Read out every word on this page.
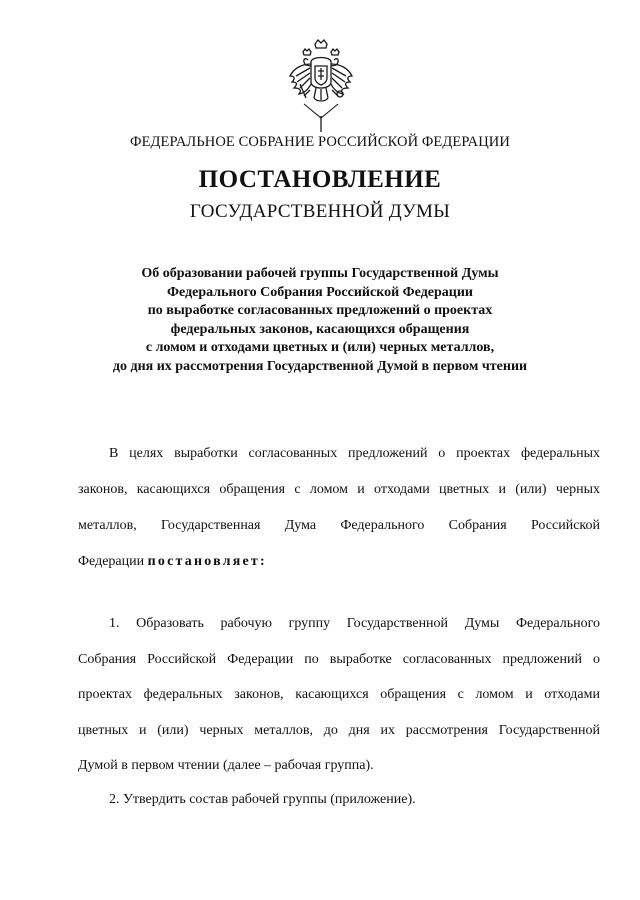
ФЕДЕРАЛЬНОЕ СОБРАНИЕ РОССИЙСКОЙ ФЕДЕРАЦИИ
ПОСТАНОВЛЕНИЕ
ГОСУДАРСТВЕННОЙ ДУМЫ
Об образовании рабочей группы Государственной Думы
Федерального Собрания Российской Федерации
по выработке согласованных предложений о проектах
федеральных законов, касающихся обращения
с ломом и отходами цветных и (или) черных металлов,
до дня их рассмотрения Государственной Думой в первом чтении
В целях выработки согласованных предложений о проектах федеральных
законов, касающихся обращения с ломом и отходами цветных и (или) черных
металлов, Государственная Дума Федерального Собрания Российской
Федерации постановляет:
1. Образовать рабочую группу Государственной Думы Федерального
Собрания Российской Федерации по выработке согласованных предложений о
проектах федеральных законов, касающихся обращения с ломом и отходами
цветных и (или) черных металлов, до дня их рассмотрения Государственной
Думой в первом чтении (далее – рабочая группа).
2. Утвердить состав рабочей группы (приложение).
